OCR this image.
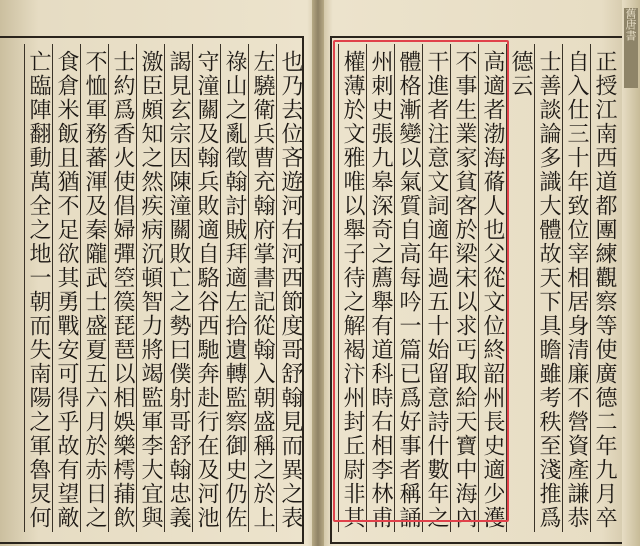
也乃去位吝遊河右河西節度哥舒翰見而異之表
左驍衛兵曹充翰府掌書記從翰入朝盛稱之於上
祿山之亂徵翰討賊拜適左拾遺轉監察御史仍佐
守潼關及翰兵敗適自駱谷西馳奔赴行在及河池
謁見玄宗因陳潼關敗亡之勢曰僕射哥舒翰忠義
激臣頗知之然疾病沉頓智力將竭監軍李大宜與
士約爲香火使倡婦彈箜篌琵琶以相娛樂樗蒱飲
不恤軍務蕃渾及秦隴武士盛夏五六月於赤日之
食倉米飯且猶不足欲其勇戰安可得乎故有望敵
亡臨陣翻動萬全之地一朝而失南陽之軍魯炅何
正授江南西道都團練觀察等使廣德二年九月卒
自入仕三十年致位宰相居身清廉不營資產謙恭
士善談論多識大體故天下具瞻雖考秩至淺推爲
德云
高適者渤海蓨人也父從文位終韶州長史適少濩
不事生業家貧客於梁宋以求丐取給天寶中海內
干進者注意文詞適年過五十始留意詩什數年之
體格漸變以氣質自高每吟一篇已爲好事者稱誦
州刺史張九皋深奇之薦舉有道科時右相李林甫
權薄於文雅唯以舉子待之解褐汴州封丘尉非其
舊唐書
